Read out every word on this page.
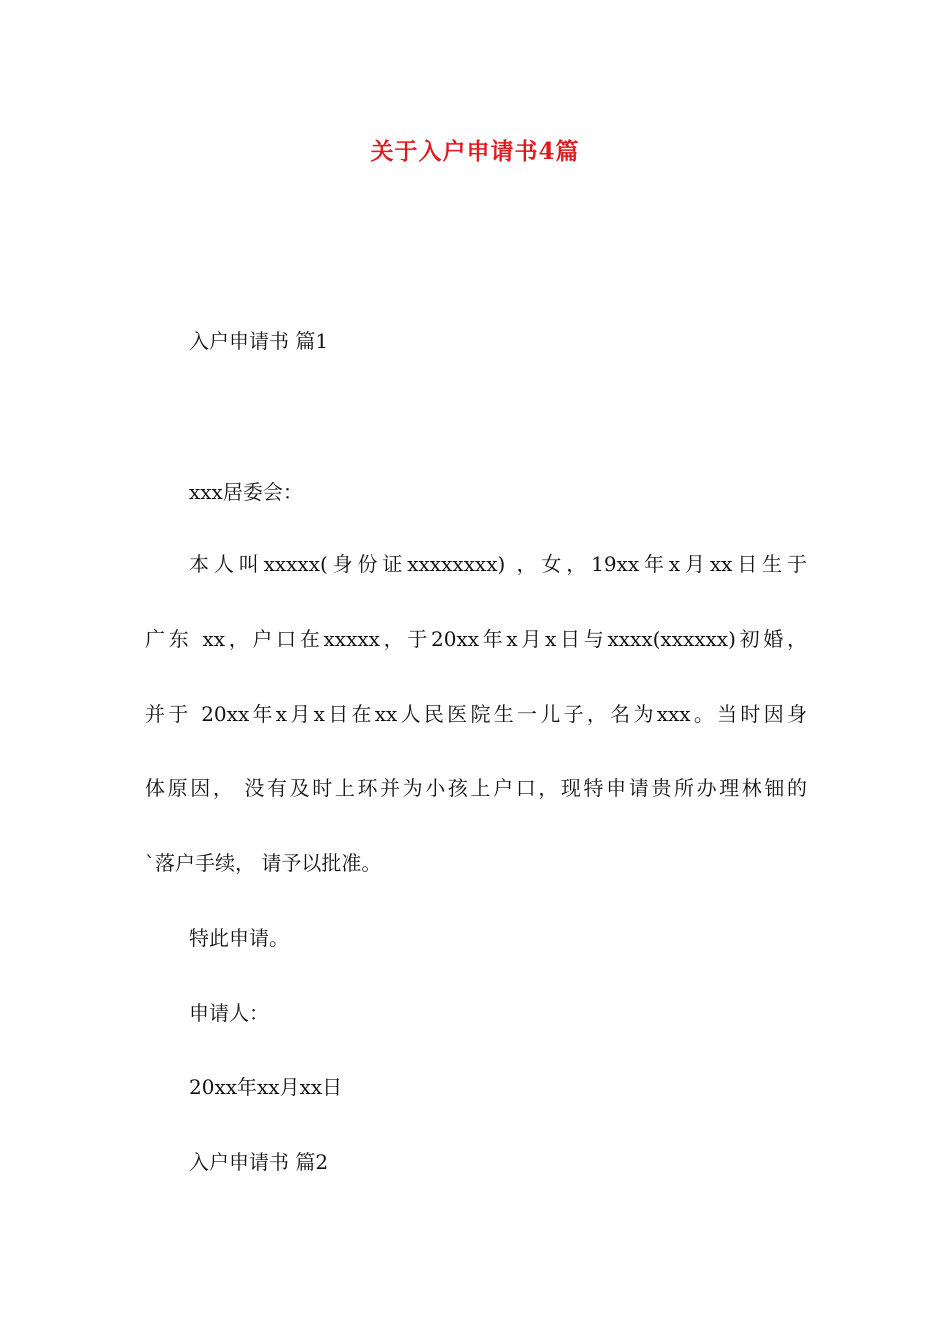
关于入户申请书4篇
入户申请书 篇1
xxx居委会：
本人叫xxxxx(身份证xxxxxxxx) ，女，19xx年x月xx日生于
广东 xx，户口在xxxxx，于20xx年x月x日与xxxx(xxxxxx)初婚，
并于 20xx年x月x日在xx人民医院生一儿子，名为xxx。当时因身
体原因， 没有及时上环并为小孩上户口，现特申请贵所办理林钿的
`落户手续， 请予以批准。
特此申请。
申请人：
20xx年xx月xx日
入户申请书 篇2
